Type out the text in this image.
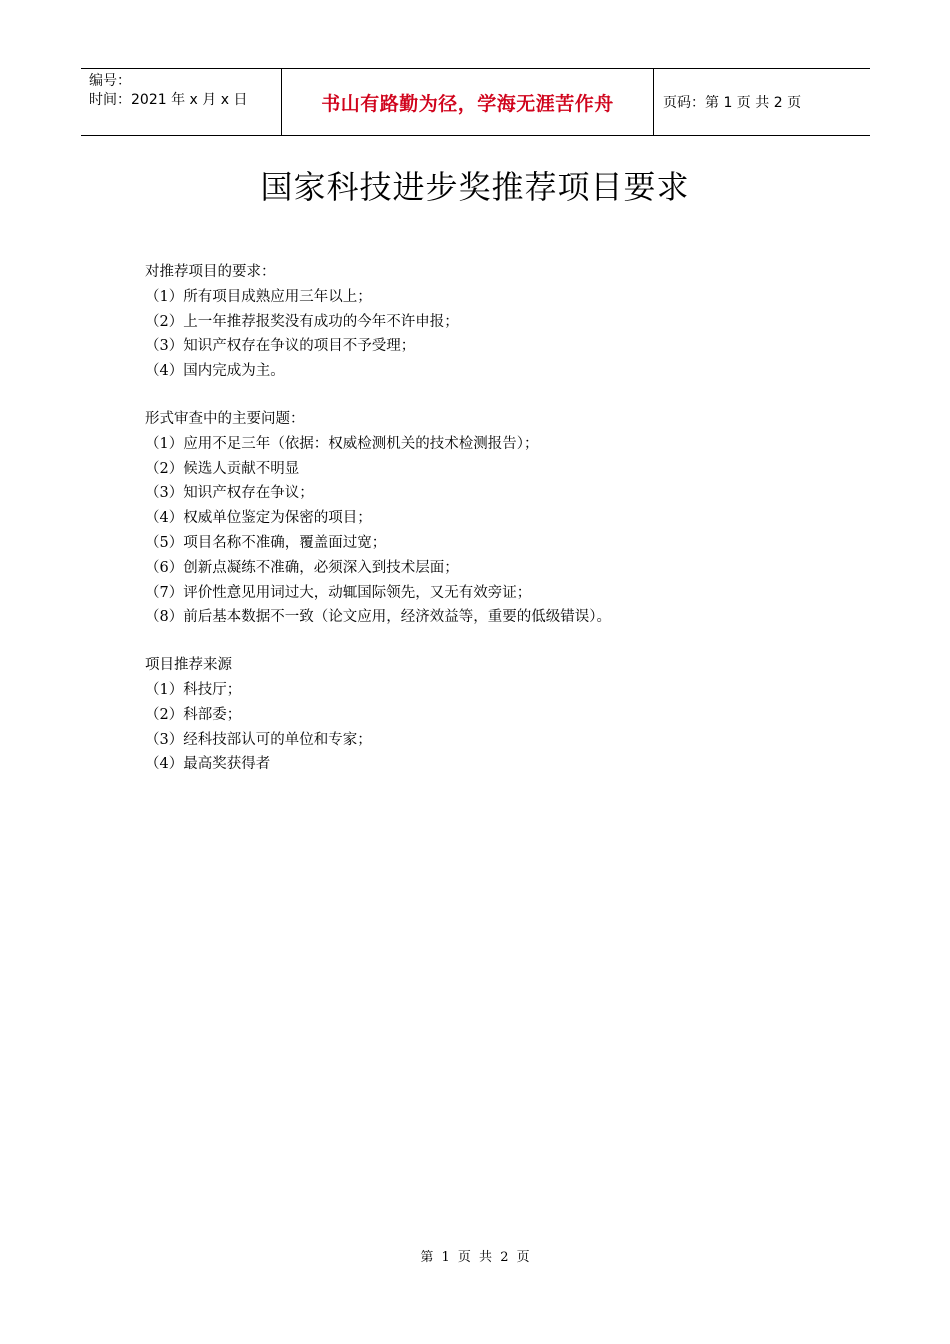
编号：
时间：2021 年 x 月 x 日	书山有路勤为径，学海无涯苦作舟	页码：第 1 页 共 2 页
国家科技进步奖推荐项目要求
对推荐项目的要求：
（1）所有项目成熟应用三年以上；
（2）上一年推荐报奖没有成功的今年不许申报；
（3）知识产权存在争议的项目不予受理；
（4）国内完成为主。
形式审查中的主要问题：
（1）应用不足三年（依据：权威检测机关的技术检测报告）；
（2）候选人贡献不明显
（3）知识产权存在争议；
（4）权威单位鉴定为保密的项目；
（5）项目名称不准确，覆盖面过宽；
（6）创新点凝练不准确，必须深入到技术层面；
（7）评价性意见用词过大，动辄国际领先，又无有效旁证；
（8）前后基本数据不一致（论文应用，经济效益等，重要的低级错误）。
项目推荐来源
（1）科技厅；
（2）科部委；
（3）经科技部认可的单位和专家；
（4）最高奖获得者
第 1 页 共 2 页
